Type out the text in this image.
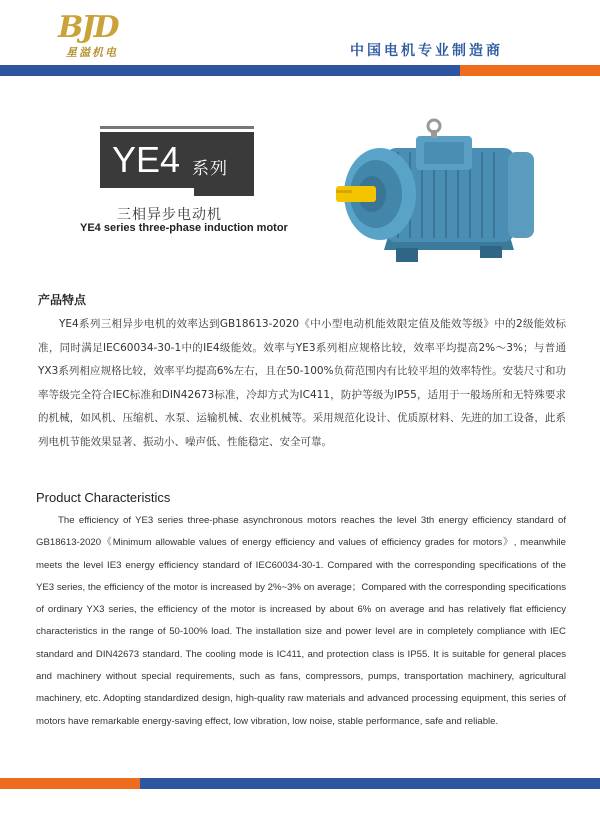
BJD
星溢机电	中国电机专业制造商
YE4 系列
三相异步电动机
YE4 series three-phase induction motor
产品特点

YE4系列三相异步电机的效率达到GB18613-2020《中小型电动机能效限定值及能效等级》中的2级能效标准，同时满足IEC60034-30-1中的IE4级能效。效率与YE3系列相应规格比较，效率平均提高2%～3%；与普通YX3系列相应规格比较，效率平均提高6%左右，且在50-100%负荷范围内有比较平坦的效率特性。安装尺寸和功率等级完全符合IEC标准和DIN42673标准，冷却方式为IC411，防护等级为IP55，适用于一般场所和无特殊要求的机械，如风机、压缩机、水泵、运输机械、农业机械等。采用规范化设计、优质原材料、先进的加工设备，此系列电机节能效果显著、振动小、噪声低、性能稳定、安全可靠。

Product Characteristics

The efficiency of YE3 series three-phase asynchronous motors reaches the level 3th energy efficiency standard of GB18613-2020《Minimum allowable values of energy efficiency and values of efficiency grades for motors》, meanwhile meets the level IE3 energy efficiency standard of IEC60034-30-1. Compared with the corresponding specifications of the YE3 series, the efficiency of the motor is increased by 2%~3% on average；Compared with the corresponding specifications of ordinary YX3 series, the efficiency of the motor is increased by about 6% on average and has relatively flat efficiency characteristics in the range of 50-100% load. The installation size and power level are in completely compliance with IEC standard and DIN42673 standard. The cooling mode is IC411, and protection class is IP55. It is suitable for general places and machinery without special requirements, such as fans, compressors, pumps, transportation machinery, agricultural machinery, etc. Adopting standardized design, high-quality raw materials and advanced processing equipment, this series of motors have remarkable energy-saving effect, low vibration, low noise, stable performance, safe and reliable.
